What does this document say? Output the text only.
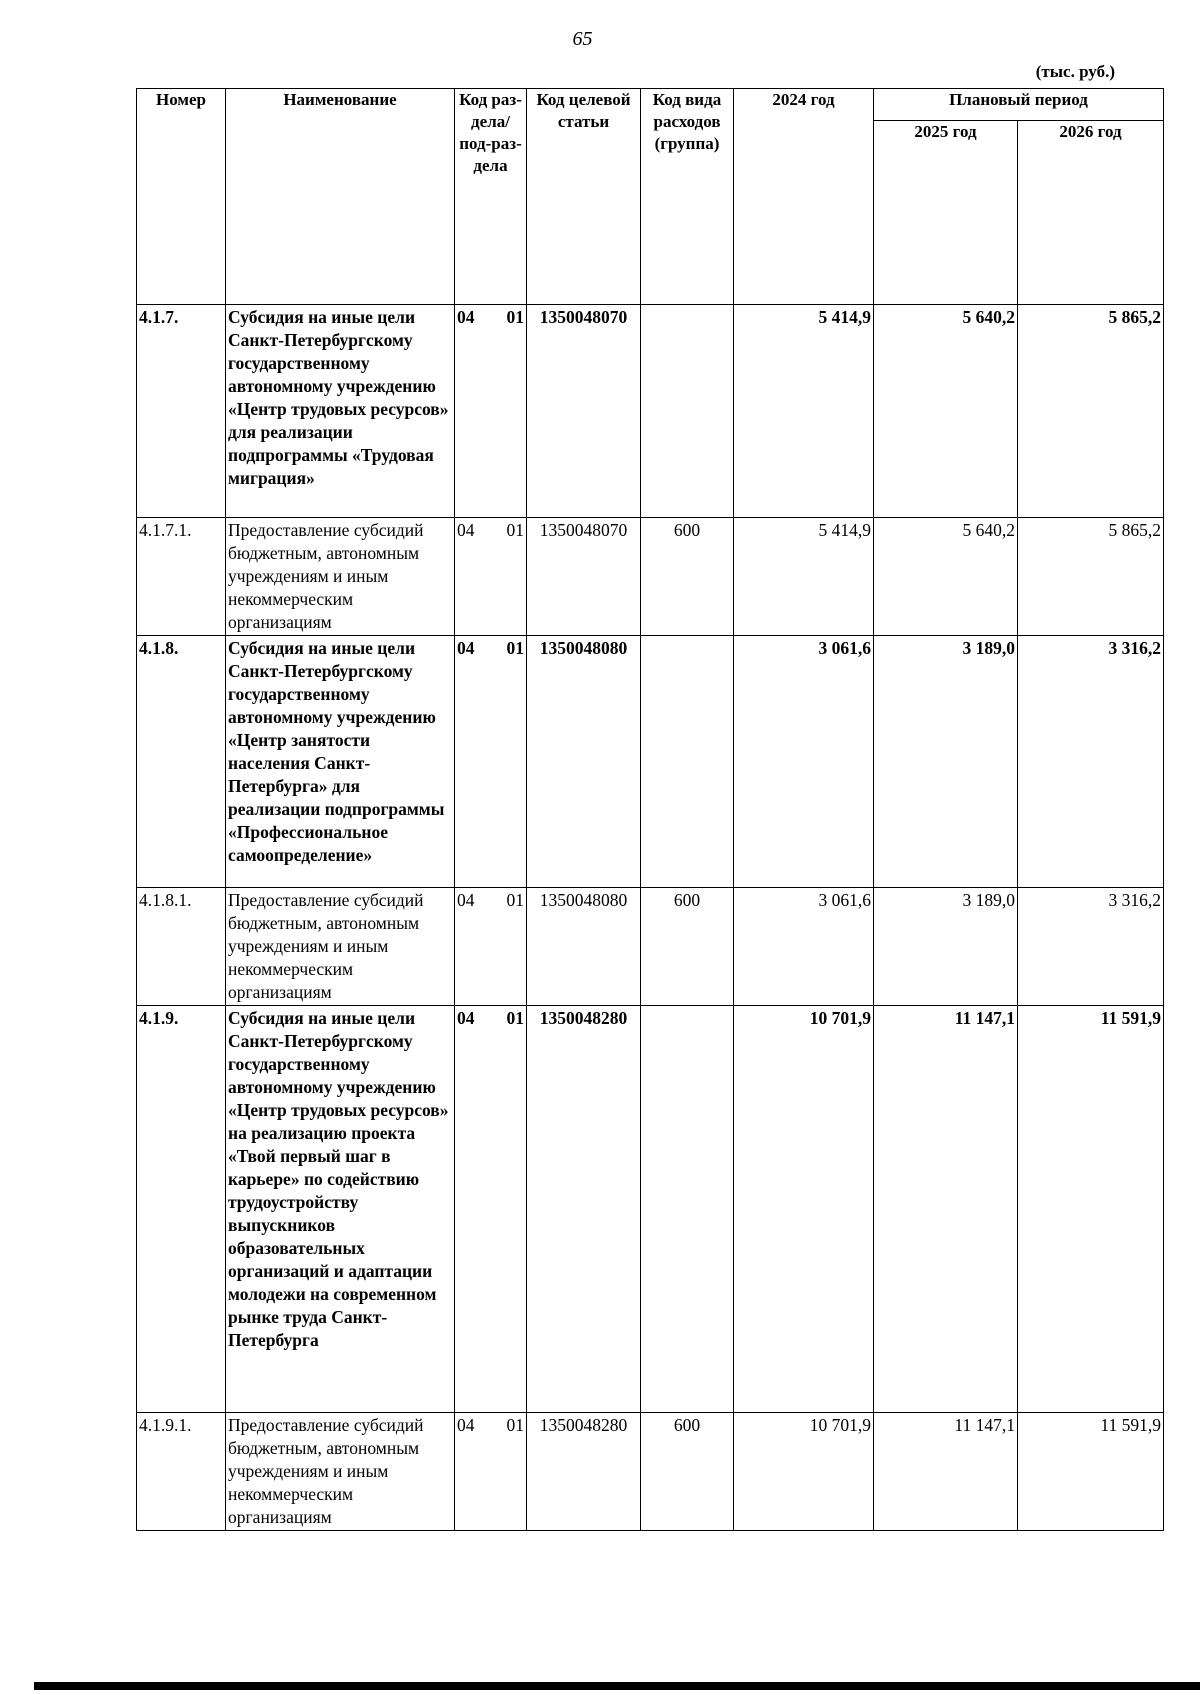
65
(тыс. руб.)
Номер	Наименование	Код раз-дела/ под-раз-дела	Код целевой статьи	Код вида расходов (группа)	2024 год	Плановый период	
						2025 год	2026 год
4.1.7.	Субсидия на иные цели Санкт-Петербургскому государственному автономному учреждению «Центр трудовых ресурсов» для реализации подпрограммы «Трудовая миграция»	04 01	1350048070		5 414,9	5 640,2	5 865,2
4.1.7.1.	Предоставление субсидий бюджетным, автономным учреждениям и иным некоммерческим организациям	04 01	1350048070	600	5 414,9	5 640,2	5 865,2
4.1.8.	Субсидия на иные цели Санкт-Петербургскому государственному автономному учреждению «Центр занятости населения Санкт-Петербурга» для реализации подпрограммы «Профессиональное самоопределение»	04 01	1350048080		3 061,6	3 189,0	3 316,2
4.1.8.1.	Предоставление субсидий бюджетным, автономным учреждениям и иным некоммерческим организациям	04 01	1350048080	600	3 061,6	3 189,0	3 316,2
4.1.9.	Субсидия на иные цели Санкт-Петербургскому государственному автономному учреждению «Центр трудовых ресурсов» на реализацию проекта «Твой первый шаг в карьере» по содействию трудоустройству выпускников образовательных организаций и адаптации молодежи на современном рынке труда Санкт-Петербурга	04 01	1350048280		10 701,9	11 147,1	11 591,9
4.1.9.1.	Предоставление субсидий бюджетным, автономным учреждениям и иным некоммерческим организациям	04 01	1350048280	600	10 701,9	11 147,1	11 591,9
